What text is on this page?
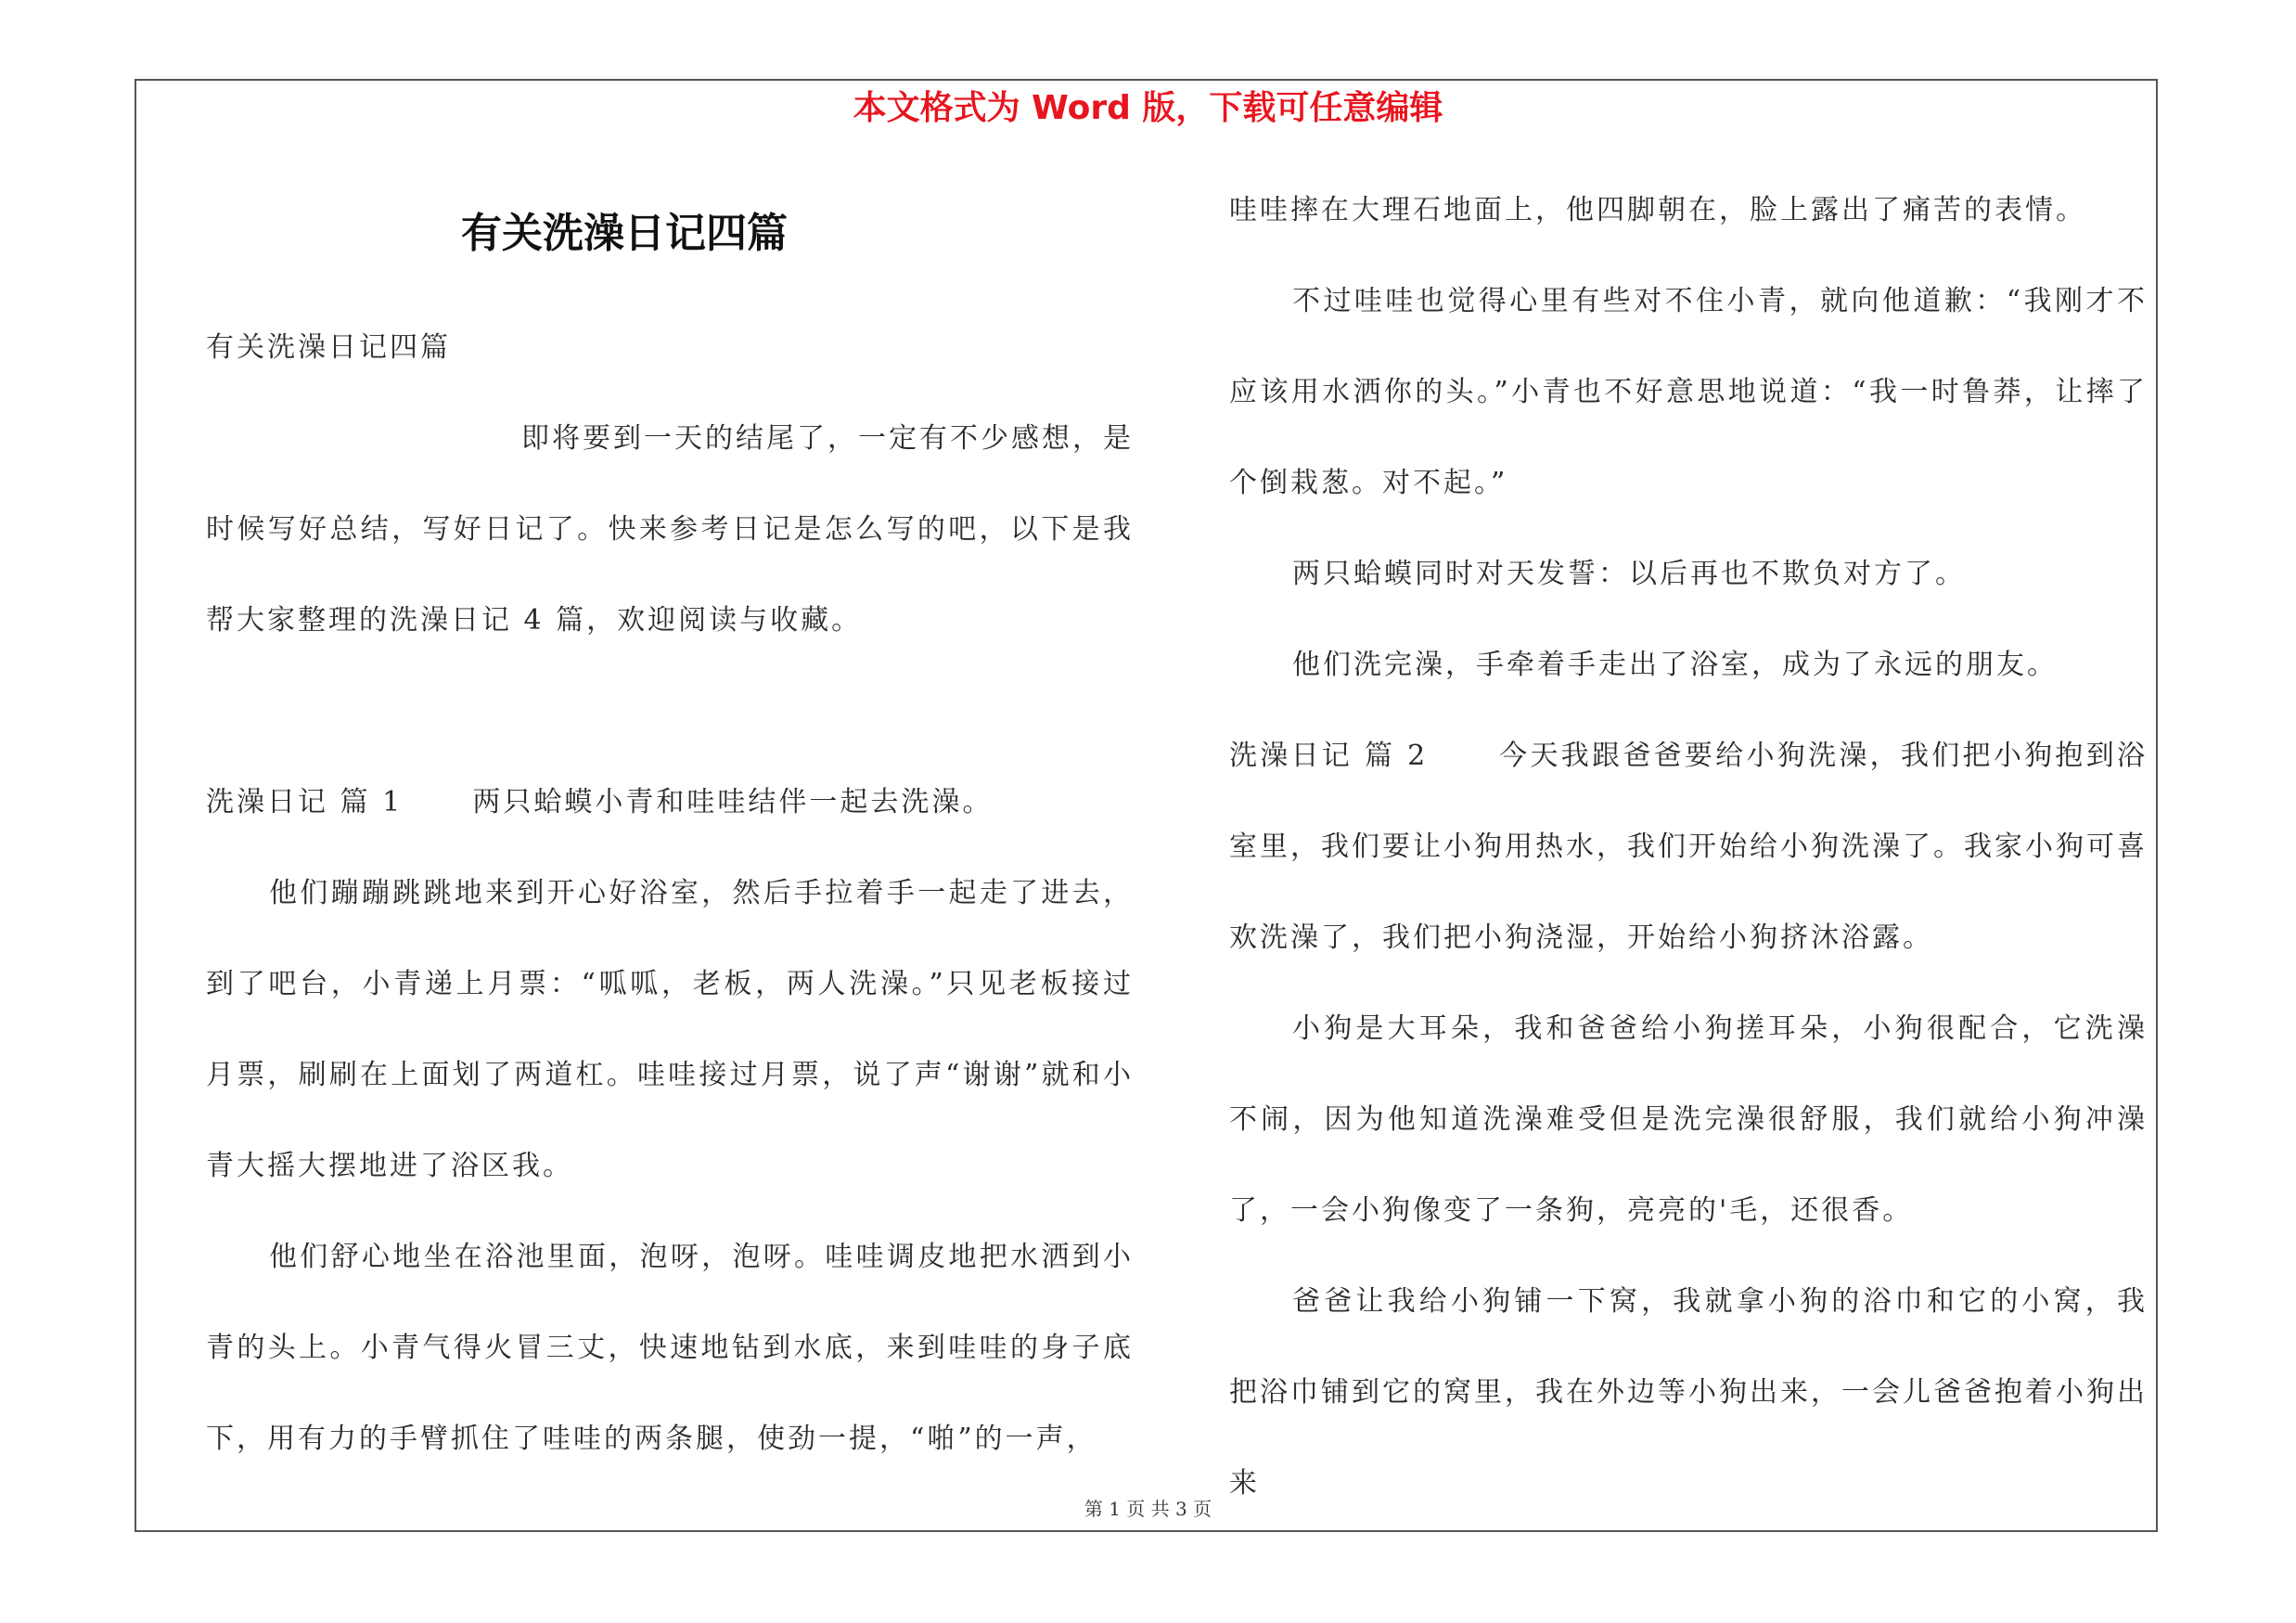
本文格式为 Word 版，下载可任意编辑
有关洗澡日记四篇

有关洗澡日记四篇

即将要到一天的结尾了，一定有不少感想，是时候写好总结，写好日记了。快来参考日记是怎么写的吧，以下是我帮大家整理的洗澡日记 4 篇，欢迎阅读与收藏。

洗澡日记 篇 1	两只蛤蟆小青和哇哇结伴一起去洗澡。

他们蹦蹦跳跳地来到开心好浴室，然后手拉着手一起走了进去，到了吧台，小青递上月票：“呱呱，老板，两人洗澡。”只见老板接过月票，刷刷在上面划了两道杠。哇哇接过月票，说了声“谢谢”就和小青大摇大摆地进了浴区我。

他们舒心地坐在浴池里面，泡呀，泡呀。哇哇调皮地把水洒到小青的头上。小青气得火冒三丈，快速地钻到水底，来到哇哇的身子底下，用有力的手臂抓住了哇哇的两条腿，使劲一提，“啪”的一声，

哇哇摔在大理石地面上，他四脚朝在，脸上露出了痛苦的表情。

不过哇哇也觉得心里有些对不住小青，就向他道歉：“我刚才不应该用水洒你的头。”小青也不好意思地说道：“我一时鲁莽，让摔了个倒栽葱。对不起。”

两只蛤蟆同时对天发誓：以后再也不欺负对方了。

他们洗完澡，手牵着手走出了浴室，成为了永远的朋友。

洗澡日记 篇 2	今天我跟爸爸要给小狗洗澡，我们把小狗抱到浴室里，我们要让小狗用热水，我们开始给小狗洗澡了。我家小狗可喜欢洗澡了，我们把小狗浇湿，开始给小狗挤沐浴露。

小狗是大耳朵，我和爸爸给小狗搓耳朵，小狗很配合，它洗澡不闹，因为他知道洗澡难受但是洗完澡很舒服，我们就给小狗冲澡了，一会小狗像变了一条狗，亮亮的'毛，还很香。

爸爸让我给小狗铺一下窝，我就拿小狗的浴巾和它的小窝，我把浴巾铺到它的窝里，我在外边等小狗出来，一会儿爸爸抱着小狗出来

第 1 页 共 3 页
